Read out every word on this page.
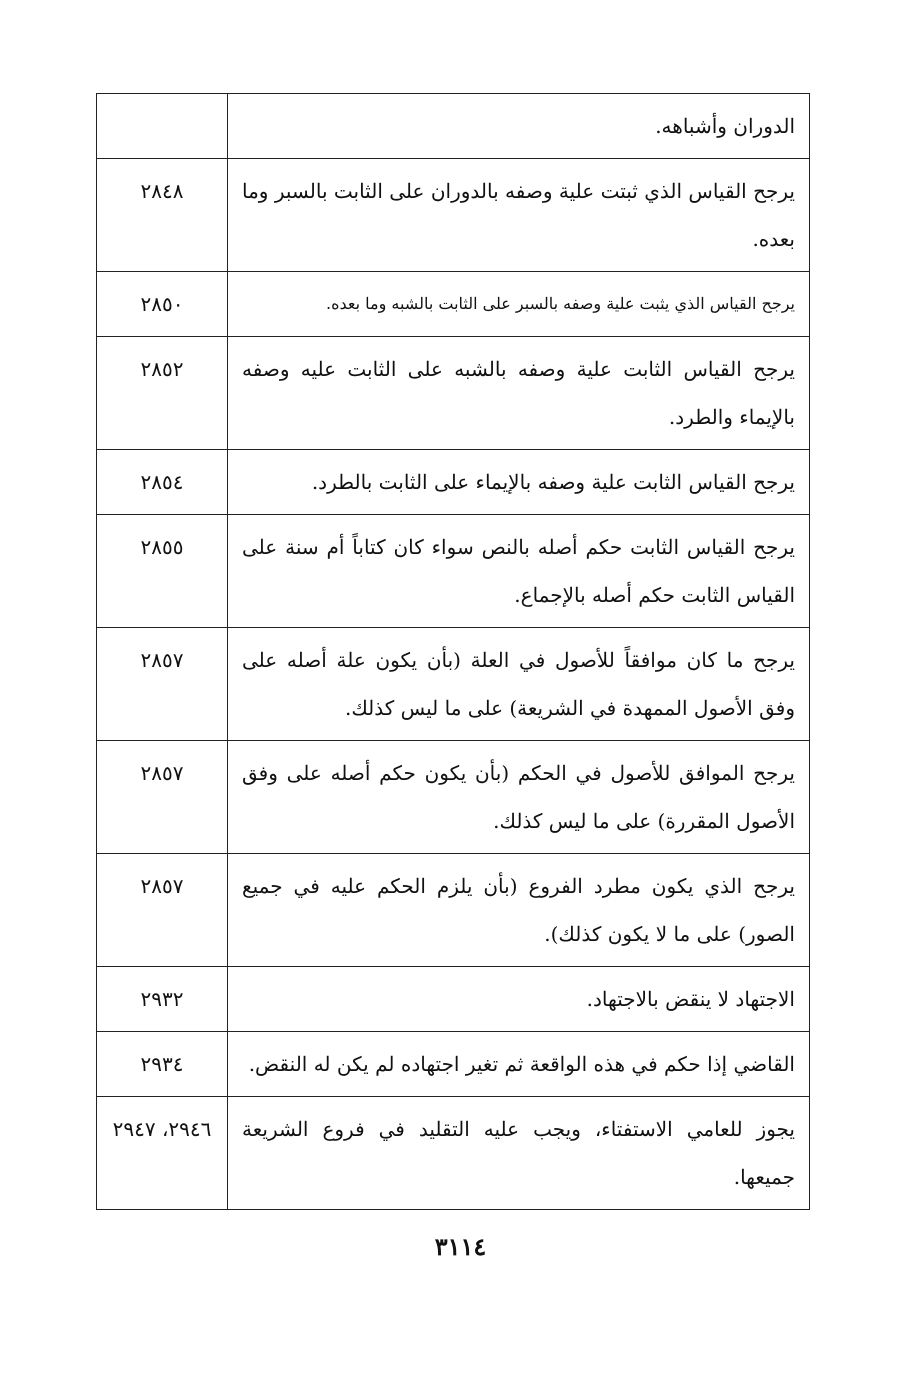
الدوران وأشباهه.	
يرجح القياس الذي ثبتت علية وصفه بالدوران على الثابت بالسبر وما بعده.	٢٨٤٨
يرجح القياس الذي يثبت علية وصفه بالسبر على الثابت بالشبه وما بعده.	٢٨٥٠
يرجح القياس الثابت علية وصفه بالشبه على الثابت عليه وصفه بالإيماء والطرد.	٢٨٥٢
يرجح القياس الثابت علية وصفه بالإيماء على الثابت بالطرد.	٢٨٥٤
يرجح القياس الثابت حكم أصله بالنص سواء كان كتاباً أم سنة على القياس الثابت حكم أصله بالإجماع.	٢٨٥٥
يرجح ما كان موافقاً للأصول في العلة (بأن يكون علة أصله على وفق الأصول الممهدة في الشريعة) على ما ليس كذلك.	٢٨٥٧
يرجح الموافق للأصول في الحكم (بأن يكون حكم أصله على وفق الأصول المقررة) على ما ليس كذلك.	٢٨٥٧
يرجح الذي يكون مطرد الفروع (بأن يلزم الحكم عليه في جميع الصور) على ما لا يكون كذلك).	٢٨٥٧
الاجتهاد لا ينقض بالاجتهاد.	٢٩٣٢
القاضي إذا حكم في هذه الواقعة ثم تغير اجتهاده لم يكن له النقض.	٢٩٣٤
يجوز للعامي الاستفتاء، ويجب عليه التقليد في فروع الشريعة جميعها.	٢٩٤٦، ٢٩٤٧
٣١١٤
